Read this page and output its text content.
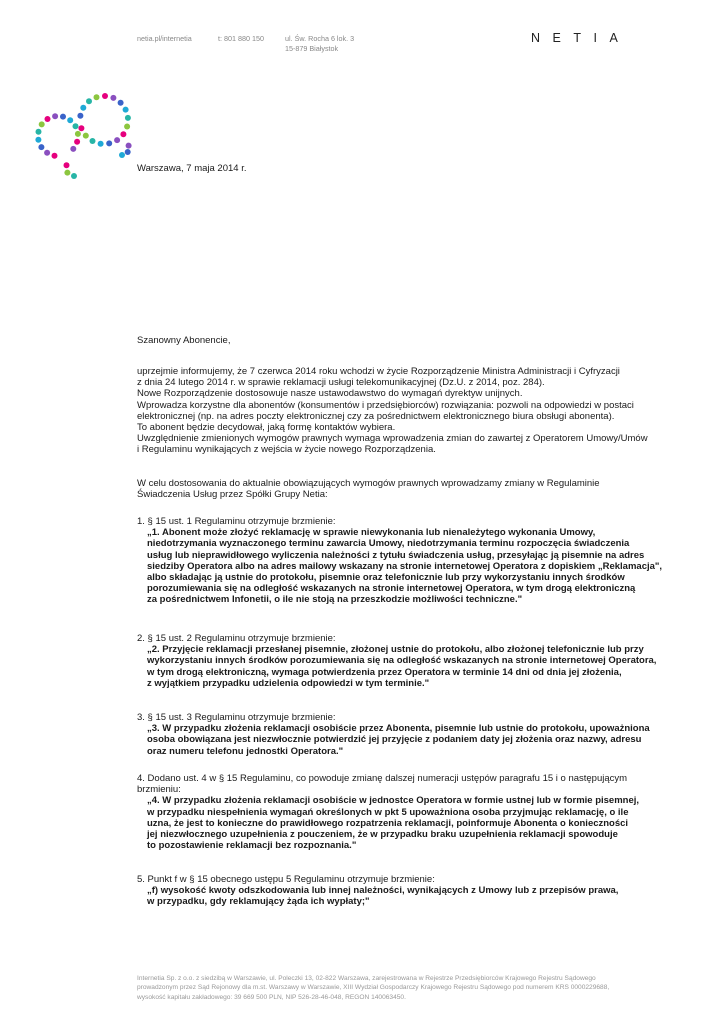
netia.pl/internetia	t: 801 880 150	ul. Św. Rocha 6 lok. 3
15-879 Białystok
NETIA
Warszawa, 7 maja 2014 r.
Szanowny Abonencie,

uprzejmie informujemy, że 7 czerwca 2014 roku wchodzi w życie Rozporządzenie Ministra Administracji i Cyfryzacji

z dnia 24 lutego 2014 r. w sprawie reklamacji usługi telekomunikacyjnej (Dz.U. z 2014, poz. 284).

Nowe Rozporządzenie dostosowuje nasze ustawodawstwo do wymagań dyrektyw unijnych.

Wprowadza korzystne dla abonentów (konsumentów i przedsiębiorców) rozwiązania: pozwoli na odpowiedzi w postaci

elektronicznej (np. na adres poczty elektronicznej czy za pośrednictwem elektronicznego biura obsługi abonenta).

To abonent będzie decydował, jaką formę kontaktów wybiera.

Uwzględnienie zmienionych wymogów prawnych wymaga wprowadzenia zmian do zawartej z Operatorem Umowy/Umów

i Regulaminu wynikających z wejścia w życie nowego Rozporządzenia.

W celu dostosowania do aktualnie obowiązujących wymogów prawnych wprowadzamy zmiany w Regulaminie

Świadczenia Usług przez Spółki Grupy Netia:

1. § 15 ust. 1 Regulaminu otrzymuje brzmienie:

„1. Abonent może złożyć reklamację w sprawie niewykonania lub nienależytego wykonania Umowy,
niedotrzymania wyznaczonego terminu zawarcia Umowy, niedotrzymania terminu rozpoczęcia świadczenia
usług lub nieprawidłowego wyliczenia należności z tytułu świadczenia usług, przesyłając ją pisemnie na adres
siedziby Operatora albo na adres mailowy wskazany na stronie internetowej Operatora z dopiskiem „Reklamacja",
albo składając ją ustnie do protokołu, pisemnie oraz telefonicznie lub przy wykorzystaniu innych środków
porozumiewania się na odległość wskazanych na stronie internetowej Operatora, w tym drogą elektroniczną
za pośrednictwem Infonetii, o ile nie stoją na przeszkodzie możliwości techniczne."

2. § 15 ust. 2 Regulaminu otrzymuje brzmienie:

„2. Przyjęcie reklamacji przesłanej pisemnie, złożonej ustnie do protokołu, albo złożonej telefonicznie lub przy
wykorzystaniu innych środków porozumiewania się na odległość wskazanych na stronie internetowej Operatora,
w tym drogą elektroniczną, wymaga potwierdzenia przez Operatora w terminie 14 dni od dnia jej złożenia,
z wyjątkiem przypadku udzielenia odpowiedzi w tym terminie."

3. § 15 ust. 3 Regulaminu otrzymuje brzmienie:

„3. W przypadku złożenia reklamacji osobiście przez Abonenta, pisemnie lub ustnie do protokołu, upoważniona
osoba obowiązana jest niezwłocznie potwierdzić jej przyjęcie z podaniem daty jej złożenia oraz nazwy, adresu
oraz numeru telefonu jednostki Operatora."

4. Dodano ust. 4 w § 15 Regulaminu, co powoduje zmianę dalszej numeracji ustępów paragrafu 15 i o następującym

brzmieniu:

„4. W przypadku złożenia reklamacji osobiście w jednostce Operatora w formie ustnej lub w formie pisemnej,
w przypadku niespełnienia wymagań określonych w pkt 5 upoważniona osoba przyjmując reklamację, o ile
uzna, że jest to konieczne do prawidłowego rozpatrzenia reklamacji, poinformuje Abonenta o konieczności
jej niezwłocznego uzupełnienia z pouczeniem, że w przypadku braku uzupełnienia reklamacji spowoduje
to pozostawienie reklamacji bez rozpoznania."

5. Punkt f w § 15 obecnego ustępu 5 Regulaminu otrzymuje brzmienie:

„f) wysokość kwoty odszkodowania lub innej należności, wynikających z Umowy lub z przepisów prawa,
w przypadku, gdy reklamujący żąda ich wypłaty;"
Internetia Sp. z o.o. z siedzibą w Warszawie, ul. Poleczki 13, 02-822 Warszawa, zarejestrowana w Rejestrze Przedsiębiorców Krajowego Rejestru Sądowego
prowadzonym przez Sąd Rejonowy dla m.st. Warszawy w Warszawie, XIII Wydział Gospodarczy Krajowego Rejestru Sądowego pod numerem KRS 0000229688,
wysokość kapitału zakładowego: 39 669 500 PLN, NIP 526-28-46-048, REGON 140063450.
